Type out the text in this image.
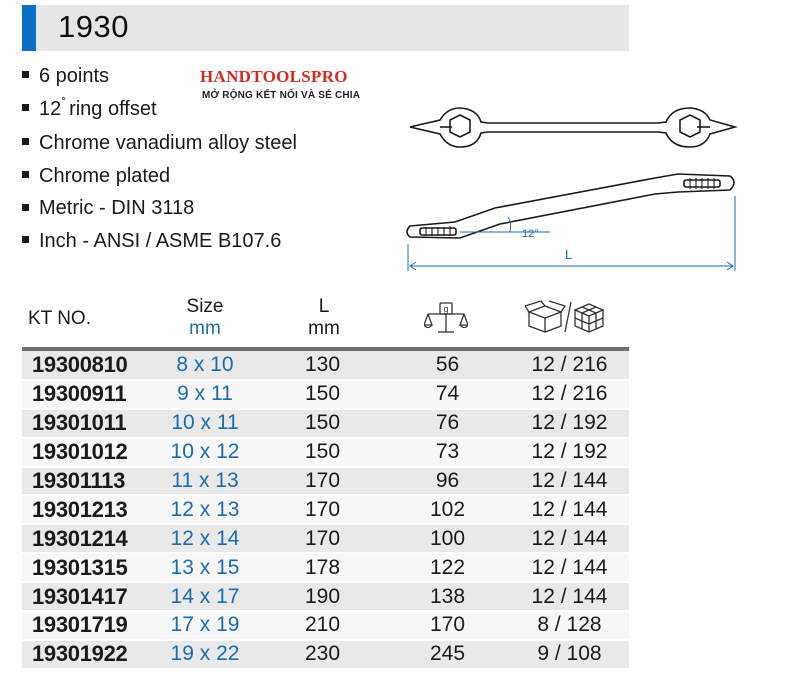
1930
6 points
12° ring offset
Chrome vanadium alloy steel
Chrome plated
Metric - DIN 3118
Inch - ANSI / ASME B107.6
HANDTOOLSPRO
MỞ RỘNG KẾT NỐI VÀ SẺ CHIA
12°
L
KT NO.
Size
mm
L
mm
g
19300810	8 x 10	130	56	12 / 216
19300911	9 x 11	150	74	12 / 216
19301011	10 x 11	150	76	12 / 192
19301012	10 x 12	150	73	12 / 192
19301113	11 x 13	170	96	12 / 144
19301213	12 x 13	170	102	12 / 144
19301214	12 x 14	170	100	12 / 144
19301315	13 x 15	178	122	12 / 144
19301417	14 x 17	190	138	12 / 144
19301719	17 x 19	210	170	8 / 128
19301922	19 x 22	230	245	9 / 108
